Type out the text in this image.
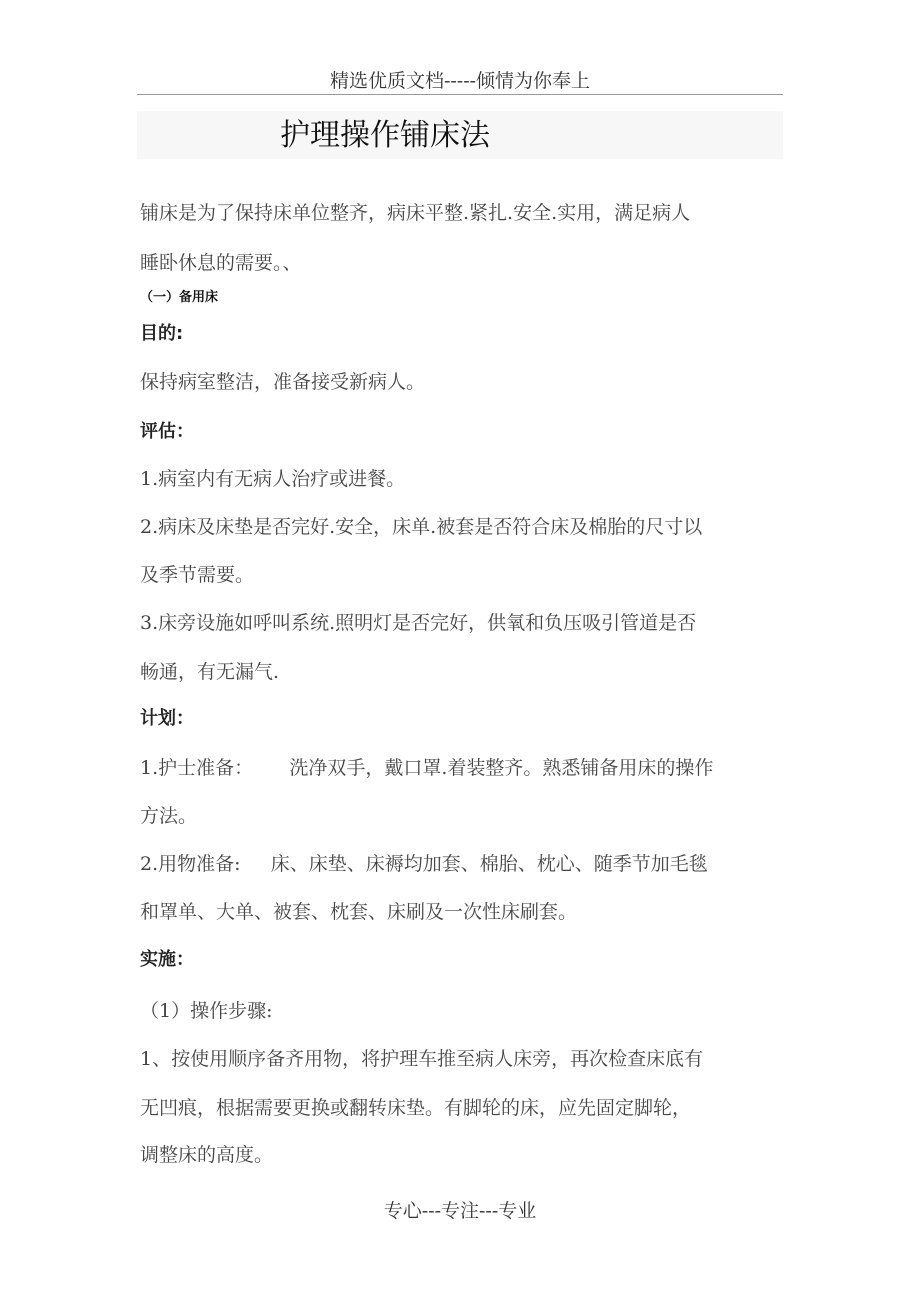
精选优质文档-----倾情为你奉上
护理操作铺床法
铺床是为了保持床单位整齐，病床平整.紧扎.安全.实用，满足病人
睡卧休息的需要。、
（一）备用床
目的:
保持病室整洁，准备接受新病人。
评估：
1.病室内有无病人治疗或进餐。
2.病床及床垫是否完好.安全，床单.被套是否符合床及棉胎的尺寸以
及季节需要。
3.床旁设施如呼叫系统.照明灯是否完好，供氧和负压吸引管道是否
畅通，有无漏气.
计划：
1.护士准备：      洗净双手，戴口罩.着装整齐。熟悉铺备用床的操作
方法。
2.用物准备:     床、床垫、床褥均加套、棉胎、枕心、随季节加毛毯
和罩单、大单、被套、枕套、床刷及一次性床刷套。
实施：
（1）操作步骤:
1、按使用顺序备齐用物，将护理车推至病人床旁，再次检查床底有
无凹痕，根据需要更换或翻转床垫。有脚轮的床，应先固定脚轮，
调整床的高度。
专心---专注---专业
